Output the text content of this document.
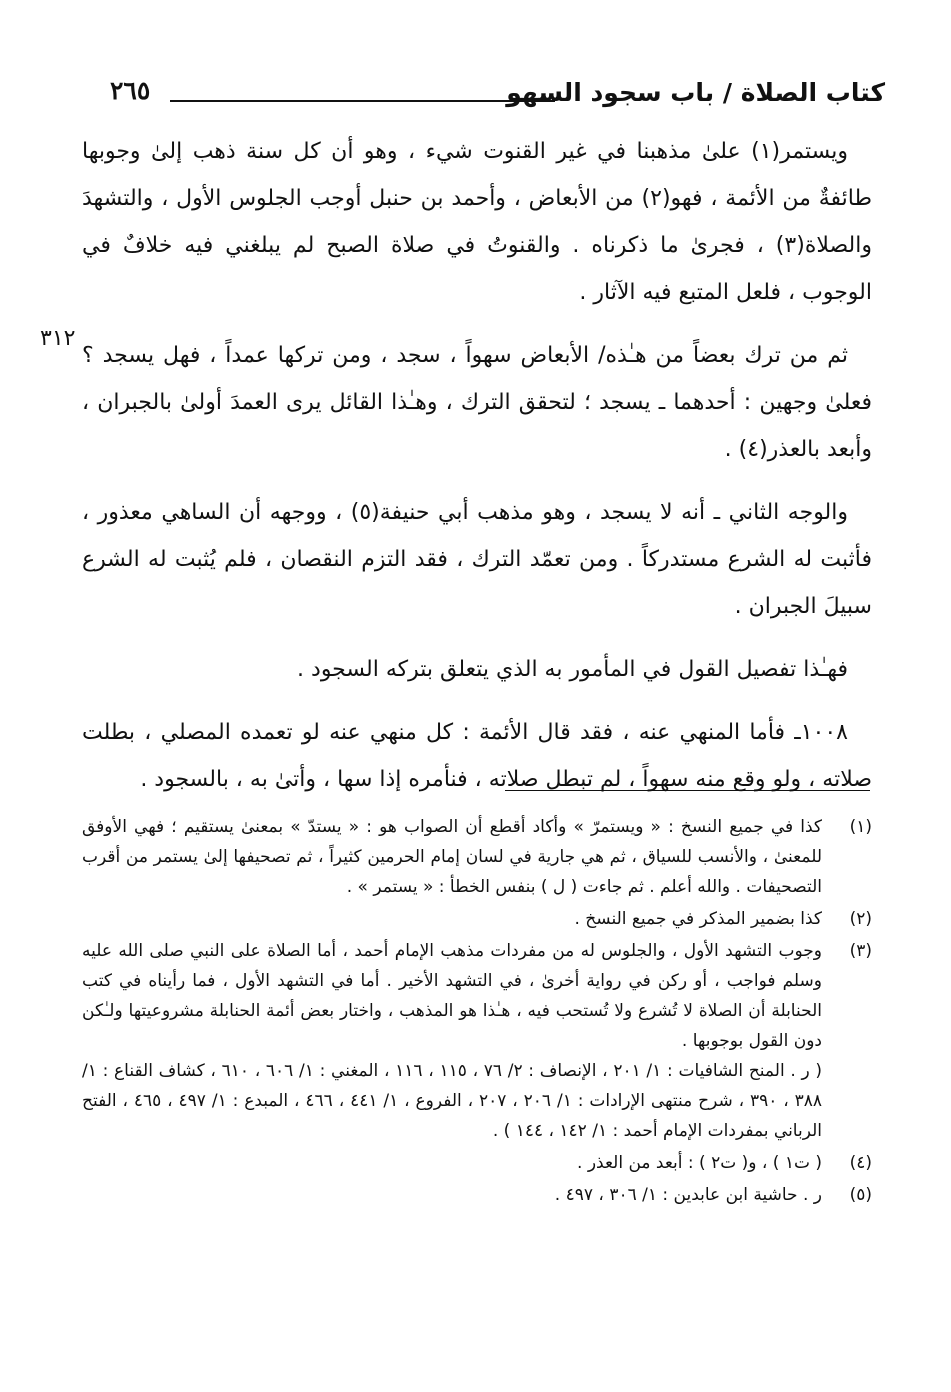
كتاب الصلاة / باب سجود السهو
٢٦٥
٣١٢

ويستمر(١) علىٰ مذهبنا في غير القنوت شيء ، وهو أن كل سنة ذهب إلىٰ وجوبها طائفةٌ من الأئمة ، فهو(٢) من الأبعاض ، وأحمد بن حنبل أوجب الجلوس الأول ، والتشهدَ والصلاة(٣) ، فجرىٰ ما ذكرناه . والقنوتُ في صلاة الصبح لم يبلغني فيه خلافٌ في الوجوب ، فلعل المتبع فيه الآثار .

ثم من ترك بعضاً من هـٰذه/ الأبعاض سهواً ، سجد ، ومن تركها عمداً ، فهل يسجد ؟ فعلىٰ وجهين : أحدهما ـ يسجد ؛ لتحقق الترك ، وهـٰذا القائل يرى العمدَ أولىٰ بالجبران ، وأبعد بالعذر(٤) .

والوجه الثاني ـ أنه لا يسجد ، وهو مذهب أبي حنيفة(٥) ، ووجهه أن الساهي معذور ، فأثبت له الشرع مستدركاً . ومن تعمّد الترك ، فقد التزم النقصان ، فلم يُثبت له الشرع سبيلَ الجبران .

فهـٰذا تفصيل القول في المأمور به الذي يتعلق بتركه السجود .

١٠٠٨ـ فأما المنهي عنه ، فقد قال الأئمة : كل منهي عنه لو تعمده المصلي ، بطلت صلاته ، ولو وقع منه سهواً ، لم تبطل صلاته ، فنأمره إذا سها ، وأتىٰ به ، بالسجود .

(١)
كذا في جميع النسخ : « ويستمرّ » وأكاد أقطع أن الصواب هو : « يستدّ » بمعنىٰ يستقيم ؛ فهي الأوفق للمعنىٰ ، والأنسب للسياق ، ثم هي جارية في لسان إمام الحرمين كثيراً ، ثم تصحيفها إلىٰ يستمر من أقرب التصحيفات . والله أعلم . ثم جاءت ( ل ) بنفس الخطأ : « يستمر » .
(٢)
كذا بضمير المذكر في جميع النسخ .
(٣)
وجوب التشهد الأول ، والجلوس له من مفردات مذهب الإمام أحمد ، أما الصلاة على النبي صلى الله عليه وسلم فواجب ، أو ركن في رواية أخرىٰ ، في التشهد الأخير . أما في التشهد الأول ، فما رأيناه في كتب الحنابلة أن الصلاة لا تُشرع ولا تُستحب فيه ، هـٰذا هو المذهب ، واختار بعض أئمة الحنابلة مشروعيتها ولـٰكن دون القول بوجوبها .
( ر . المنح الشافيات : ١/ ٢٠١ ، الإنصاف : ٢/ ٧٦ ، ١١٥ ، ١١٦ ، المغني : ١/ ٦٠٦ ، ٦١٠ ، كشاف القناع : ١/ ٣٨٨ ، ٣٩٠ ، شرح منتهى الإرادات : ١/ ٢٠٦ ، ٢٠٧ ، الفروع ، ١/ ٤٤١ ، ٤٦٦ ، المبدع : ١/ ٤٩٧ ، ٤٦٥ ، الفتح الرباني بمفردات الإمام أحمد : ١/ ١٤٢ ، ١٤٤ ) .
(٤)
( ت١ ) ، و( ت٢ ) : أبعد من العذر .
(٥)
ر . حاشية ابن عابدين : ١/ ٣٠٦ ، ٤٩٧ .
